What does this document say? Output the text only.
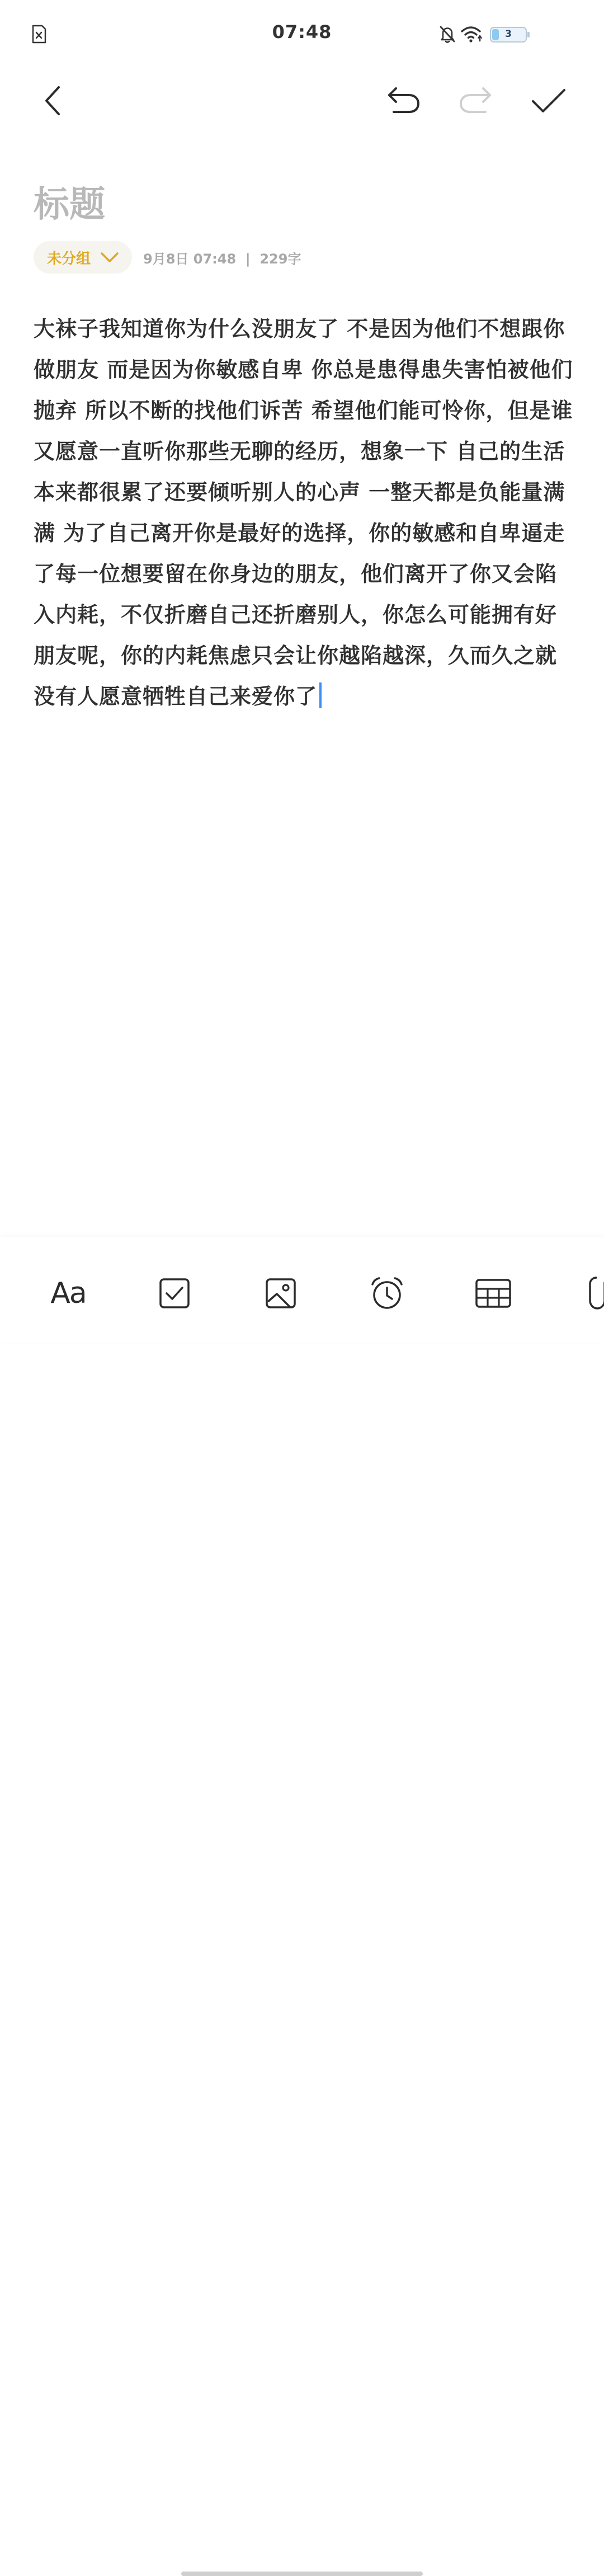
07:48	3
标题
未分组	9月8日 07:48  |  229字
大袜子我知道你为什么没朋友了 不是因为他们不想跟你做朋友 而是因为你敏感自卑 你总是患得患失害怕被他们抛弃 所以不断的找他们诉苦 希望他们能可怜你，但是谁又愿意一直听你那些无聊的经历，想象一下 自己的生活本来都很累了还要倾听别人的心声 一整天都是负能量满满 为了自己离开你是最好的选择，你的敏感和自卑逼走了每一位想要留在你身边的朋友，他们离开了你又会陷入内耗，不仅折磨自己还折磨别人，你怎么可能拥有好朋友呢，你的内耗焦虑只会让你越陷越深，久而久之就没有人愿意牺牲自己来爱你了
Aa
